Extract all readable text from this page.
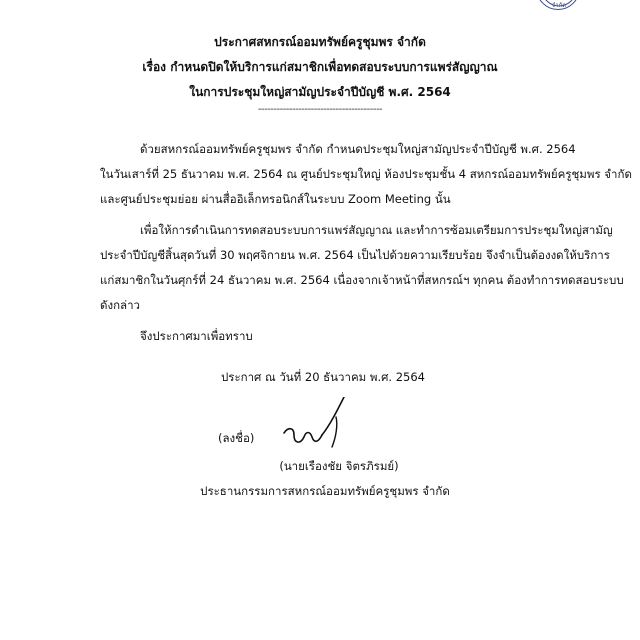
จำกัด
ประกาศสหกรณ์ออมทรัพย์ครูชุมพร จำกัด
เรื่อง กำหนดปิดให้บริการแก่สมาชิกเพื่อทดสอบระบบการแพร่สัญญาณ
ในการประชุมใหญ่สามัญประจำปีบัญชี พ.ศ. 2564
----------------------------------------
ด้วยสหกรณ์ออมทรัพย์ครูชุมพร จำกัด กำหนดประชุมใหญ่สามัญประจำปีบัญชี พ.ศ. 2564
ในวันเสาร์ที่ 25 ธันวาคม พ.ศ. 2564 ณ ศูนย์ประชุมใหญ่ ห้องประชุมชั้น 4 สหกรณ์ออมทรัพย์ครูชุมพร จำกัด
และศูนย์ประชุมย่อย ผ่านสื่ออิเล็กทรอนิกส์ในระบบ Zoom Meeting นั้น
เพื่อให้การดำเนินการทดสอบระบบการแพร่สัญญาณ และทำการซ้อมเตรียมการประชุมใหญ่สามัญ
ประจำปีบัญชีสิ้นสุดวันที่ 30 พฤศจิกายน พ.ศ. 2564 เป็นไปด้วยความเรียบร้อย จึงจำเป็นต้องงดให้บริการ
แก่สมาชิกในวันศุกร์ที่ 24 ธันวาคม พ.ศ. 2564 เนื่องจากเจ้าหน้าที่สหกรณ์ฯ ทุกคน ต้องทำการทดสอบระบบ
ดังกล่าว
จึงประกาศมาเพื่อทราบ
ประกาศ ณ วันที่ 20 ธันวาคม พ.ศ. 2564
(ลงชื่อ)
(นายเรืองชัย จิตรภิรมย์)
ประธานกรรมการสหกรณ์ออมทรัพย์ครูชุมพร จำกัด
